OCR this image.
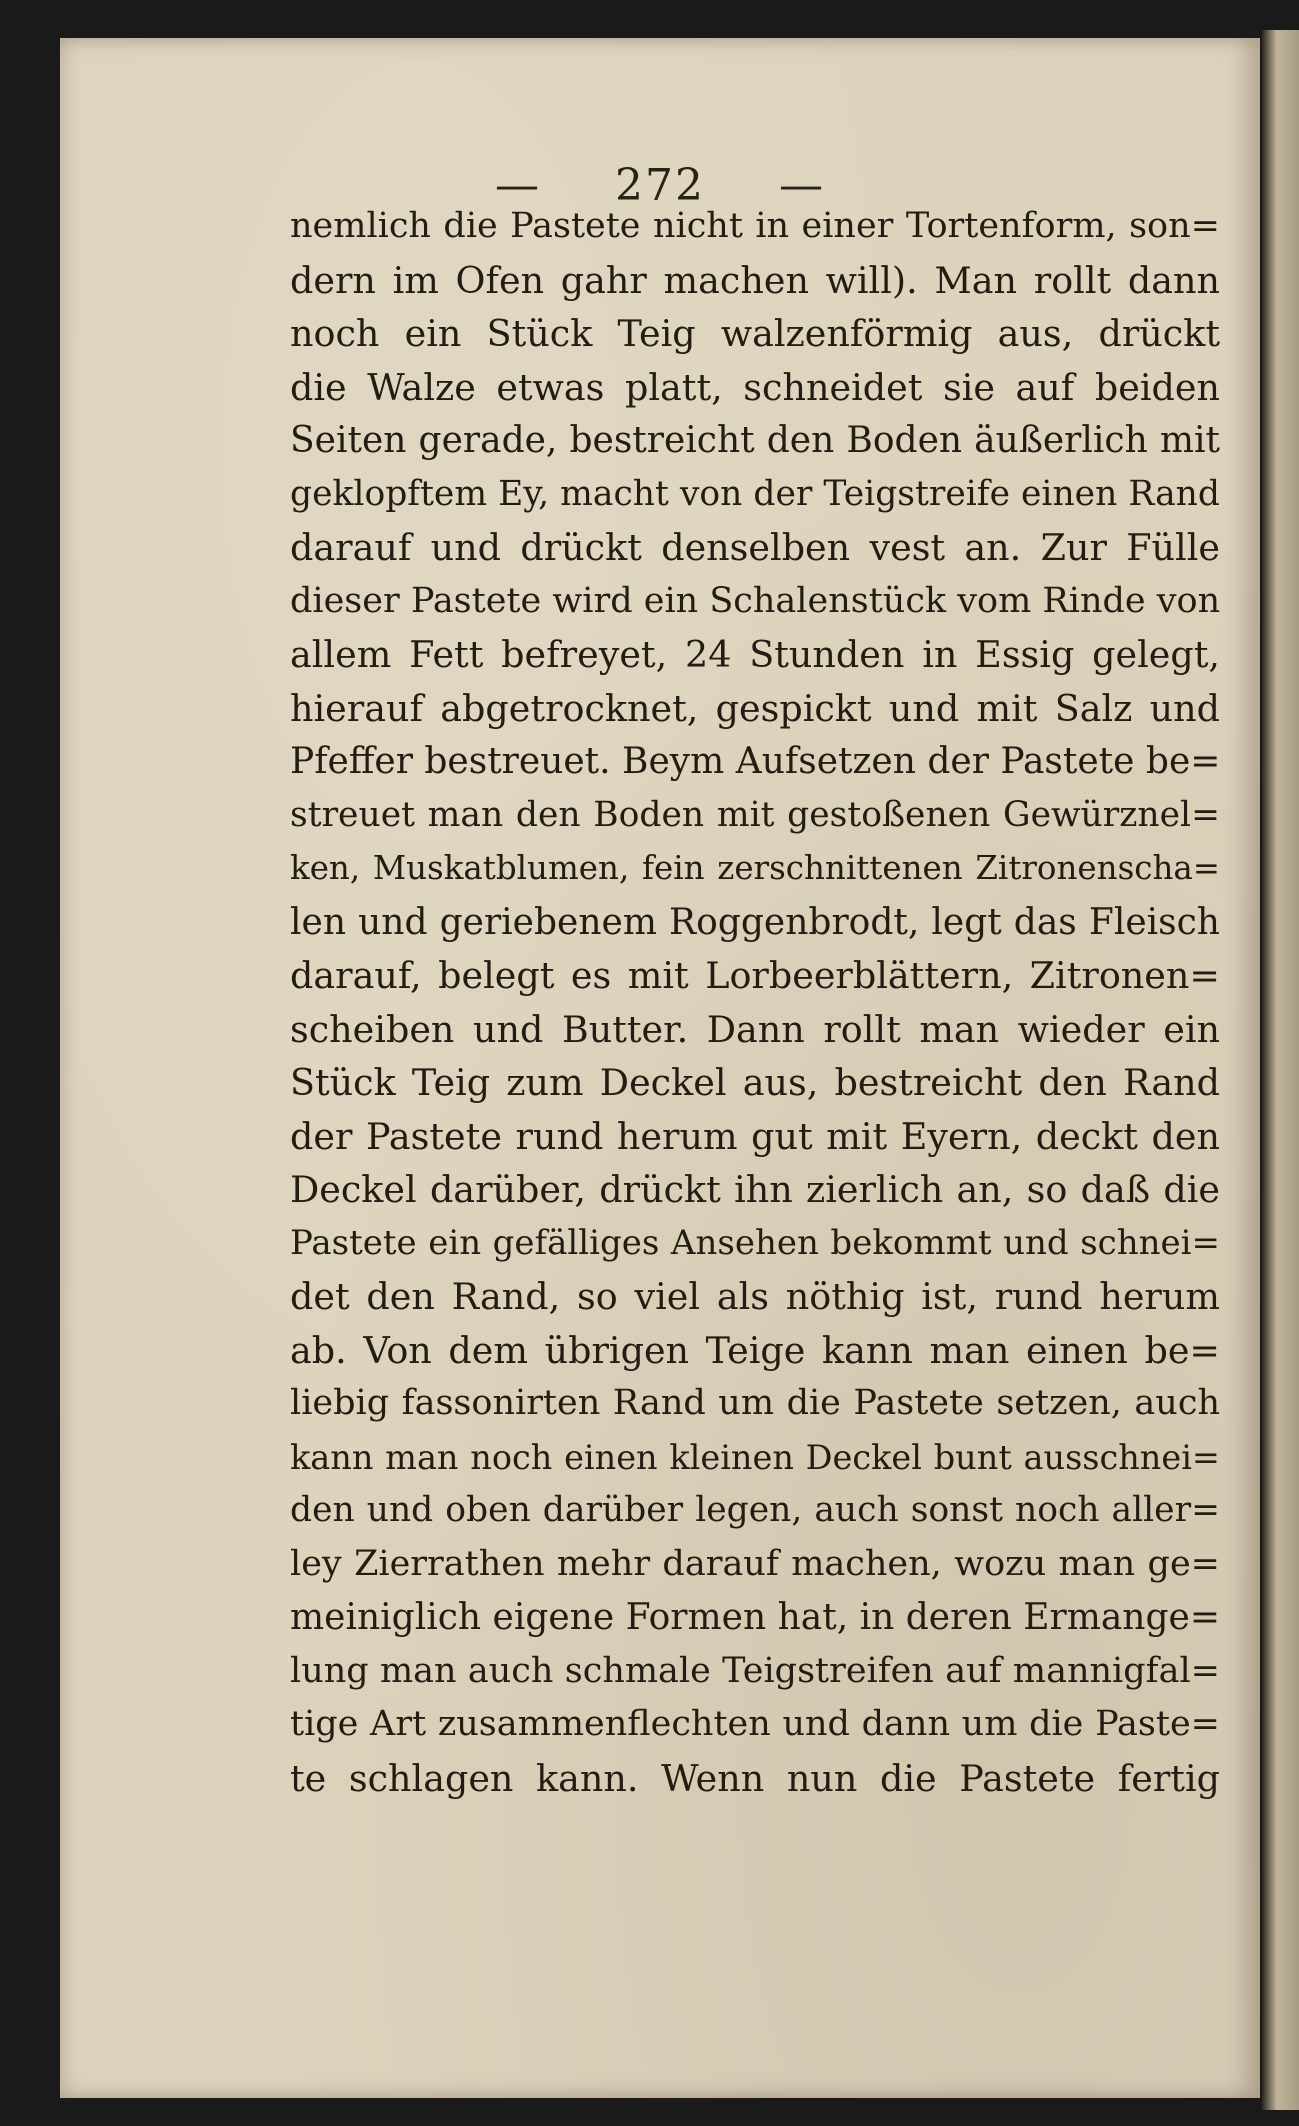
— 272 —
nemlich die Pastete nicht in einer Tortenform, son=
dern im Ofen gahr machen will). Man rollt dann
noch ein Stück Teig walzenförmig aus, drückt
die Walze etwas platt, schneidet sie auf beiden
Seiten gerade, bestreicht den Boden äußerlich mit
geklopftem Ey, macht von der Teigstreife einen Rand
darauf und drückt denselben vest an. Zur Fülle
dieser Pastete wird ein Schalenstück vom Rinde von
allem Fett befreyet, 24 Stunden in Essig gelegt,
hierauf abgetrocknet, gespickt und mit Salz und
Pfeffer bestreuet. Beym Aufsetzen der Pastete be=
streuet man den Boden mit gestoßenen Gewürznel=
ken, Muskatblumen, fein zerschnittenen Zitronenscha=
len und geriebenem Roggenbrodt, legt das Fleisch
darauf, belegt es mit Lorbeerblättern, Zitronen=
scheiben und Butter. Dann rollt man wieder ein
Stück Teig zum Deckel aus, bestreicht den Rand
der Pastete rund herum gut mit Eyern, deckt den
Deckel darüber, drückt ihn zierlich an, so daß die
Pastete ein gefälliges Ansehen bekommt und schnei=
det den Rand, so viel als nöthig ist, rund herum
ab. Von dem übrigen Teige kann man einen be=
liebig fassonirten Rand um die Pastete setzen, auch
kann man noch einen kleinen Deckel bunt ausschnei=
den und oben darüber legen, auch sonst noch aller=
ley Zierrathen mehr darauf machen, wozu man ge=
meiniglich eigene Formen hat, in deren Ermange=
lung man auch schmale Teigstreifen auf mannigfal=
tige Art zusammenflechten und dann um die Paste=
te schlagen kann. Wenn nun die Pastete fertig
